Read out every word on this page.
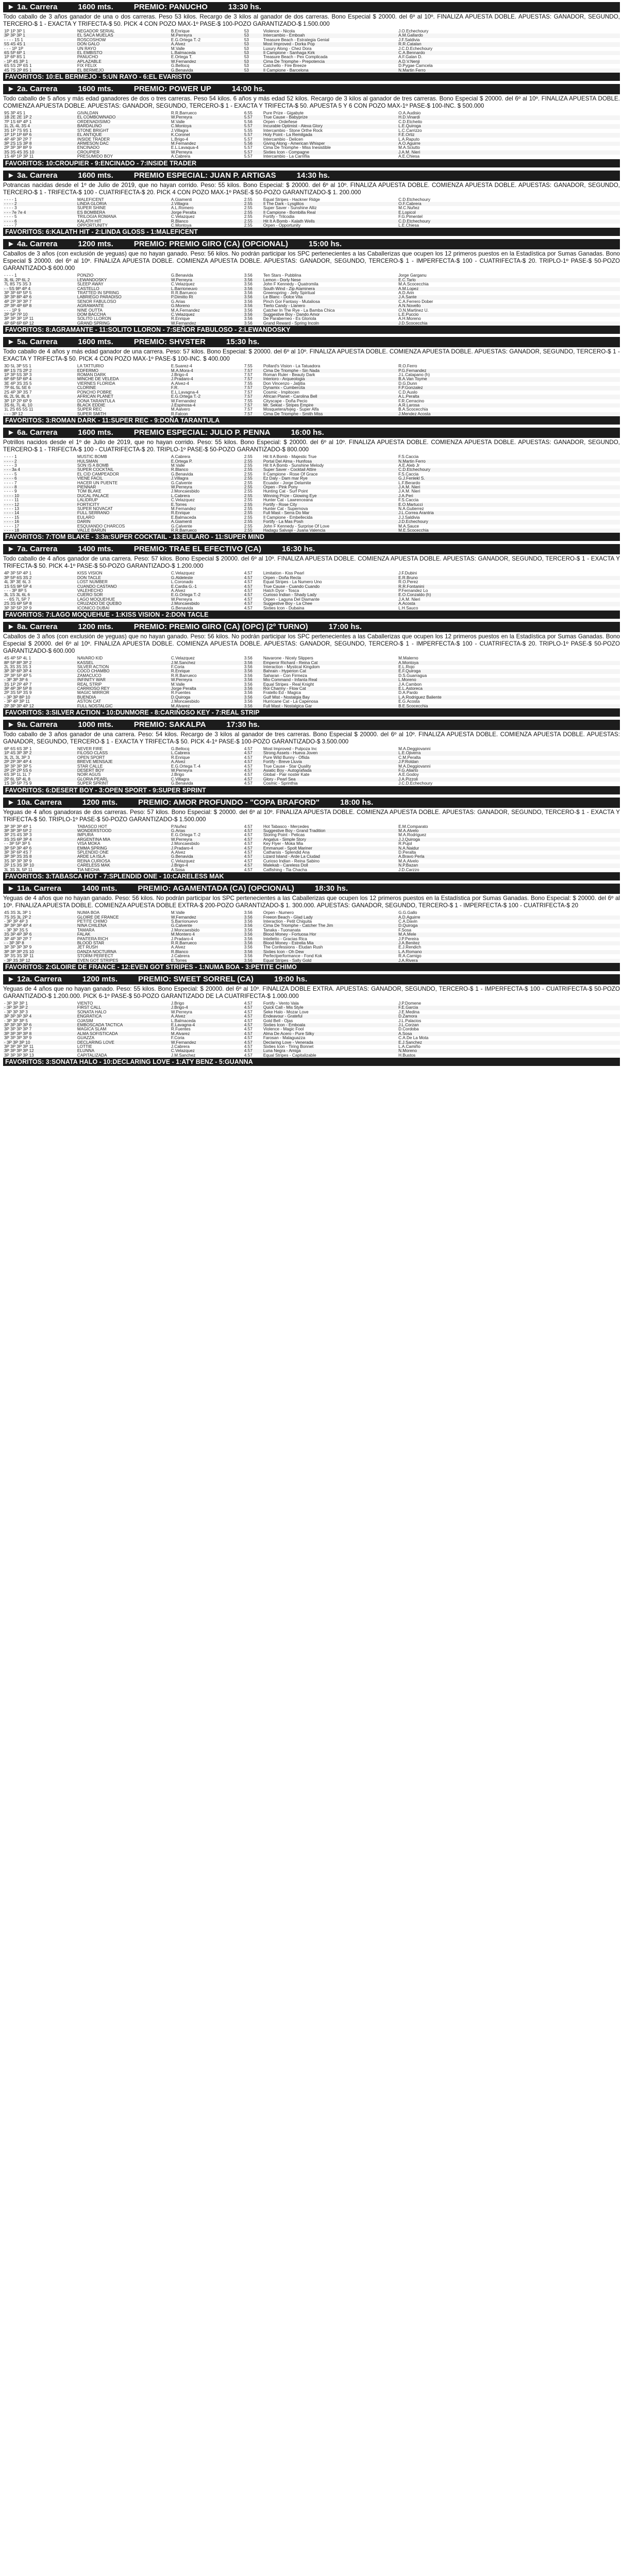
► 1a. Carrera	1600 mts.	PREMIO: PANUCHO	13:30 hs.
Todo caballo de 3 años ganador de una o dos carreras. Peso 53 kilos. Recargo de 3 kilos al ganador de dos carreras. Bono Especial $ 20000. del 6º al 10º. FINALIZA APUESTA DOBLE. APUESTAS: GANADOR, SEGUNDO, TERCERO-$ 1 - EXACTA Y TRIFECTA-$ 50. PICK 4 CON POZO MAX-1º PASE-$ 100-POZO GARANTIZADO-$ 1.500.000
1P 1P 3P 1	NEGADOR SERIAL	B.Enrique	53	Violence - Nicola	J.O.Echechoury
3P 3P 3P 1	EL SACA MUELAS	M.Perreyra	53	Intercambio - Emboah	A.M.Gallardo
- - - - 1S 1	ROSCOSHOW	E.G.Ortega T.-2	53	Treasure Beach - Estrategia Genial	J.F.Saldivia
5S 4S 4S 1	DON GALO	A.Alvez	53	Most Improved - Dorka Pop	R.R.Catalan
- - - 1P 1P	UN RAYO	M.Valle	53	Luxury Along - Chez Dora	J.C.D.Echechoury
6S 5P 6P 1	EL EMBISTO	L.Balmaceda	53	Il Campione - Sanhaga Kirk	C.A.Bennardo
1P 6P 8S 1	PANUCHO	E.Ortega T.	53	Treasure Beach - Pex Complicada	A.F.Galan D.
- 1P 4S 3P 1	APLAZABLE	W.Fernandez	53	Cima De Triomphe - Prepotencia	A.D.V.Nenji
6S 5S 2P 6S 1	FIX FELIX	G.Bellocq	53	Catchello - Fire Breeze	D.Pygae Carncela
4S 7S 2P 8S 1	EL BERMEJO	G.Benavida	53	Il Campione - Barcelona	N.Martin Ferro
FAVORITOS: 10:EL BERMEJO - 5:UN RAYO - 6:EL EVARISTO
► 2a. Carrera	1600 mts.	PREMIO: POWER UP	14:00 hs.
Todo caballo de 5 años y más edad ganadores de dos o tres carreras. Peso 54 kilos. 6 años y más edad 52 kilos. Recargo de 3 kilos al ganador de tres carreras. Bono Especial $ 20000. del 6º al 10º. FINALIZA APUESTA DOBLE. COMIENZA APUESTA DOBLE. APUESTAS: GANADOR, SEGUNDO, TERCERO-$ 1 - EXACTA Y TRIFECTA-$ 50. APUESTA 5 Y 6 CON POZO MAX-1º PASE-$ 100-INC. $ 500.000
9S 3P 4S 1	GIVALDAN	R.R.Barrueco	6.55	Pure Prize - Gigabyte	O.A.Audisio
1B 2E 2E 1P 2	EL COMBOWNADO	W.Perreyra	5.57	True Cause - Babyprize	H.D.Vinardi
7P 1S 6P 4P 1	ORDENADISIMO	M.Valle	5.56	Orpen - Ordeñese	C.D.Etcheito
1L 2L 4L 3S 4	BARDALINO	C.Montoya	5.57	Incurable Optimist - Alexa Glory	L.E.Quiroga
3S 1P 7S 9S 1	STONE BRIGHT	J.Villagra	5.55	Intercambio - Stone Orthe Rock	L.C.Carrizzo
1P 1P 1P 6P 6	EL ANTIQUE	K.Coronel	5.57	Holy Point - La Remilgada	F.E.Ortiz
4P 4P 3P 2P 7	INSIDE TRADER	L.Brigo-4	5.57	Intercambio - Delicen	L.A.Raputo
3P 2S 1S 3P 8	ARMESON DAC	M.Fernandez	5.56	Giving Along - American Whisper	A.O.Aguirre
2P 3P 3P 8P 9	ENCINADO	E.L.Lavaqua-4	5.57	Cima De Triomphe - Miss Inesistible	M.A.Sciutto
3S 3S 4S 3S 10	CROUPIER	W.Perreyra	5.57	Sixties Icon - Compagne	J.A.M. Nieri
1S 4P 1P 3P 11	PRESUMIDO BOY	A.Cabrera	5.57	Intercambio - La Carriñla	A.E.Chiesa
FAVORITOS: 10:CROUPIER - 9:ENCINADO - 7:INSIDE TRADER
► 3a. Carrera	1600 mts.	PREMIO ESPECIAL: JUAN P. ARTIGAS	14:30 hs.
Potrancas nacidas desde el 1º de Julio de 2019, que no hayan corrido. Peso: 55 kilos. Bono Especial: $ 20000. del 6º al 10º. FINALIZA APUESTA DOBLE. COMIENZA APUESTA DOBLE. APUESTAS: GANADOR, SEGUNDO, TERCERO-$ 1 - TRIFECTA-$ 100 - CUATRIFECTA-$ 20. PICK 4 CON POZO MAX-1º PASE-$ 50-POZO GARANTIZADO-$ 1. 200.000
- - - - 1	MALEFICENT	A.Giamenti	2.55	Equal Stripes - Hackner Ridge	C.D.Etchechoury
- - - - 2	LINDA GLORIA	J.Villagra	2.55	Il The Dark - Lysglitos	O.F.Cabrera
- - - - 3	SUPER SHINE	A.L.Romero	2.55	Super Saver - Sunshine Alliz	M.C.Nuñez
- - - 7e 7e 4	ES BOMBERA	Jorge Peralta	2.55	Il Campione - Bombilla Real	E.Lopicol
- - - - 5	TRILOGIA ROMANA	C.Velazquez	2.55	Fortify - Trilcodia	F.G.Pimentel
- - - - 6	KALATH HIT	R.Blanco	2.55	Hit It A Bomb - Kalath Wells	C.D.Etchechoury
- - - - 7	OPPORTUNITY	C.Montoya	2.55	Orpen - Opportunity	L.E.Chiesa
FAVORITOS: 6:KALATH HIT - 2:LINDA GLOSS - 1:MALEFICENT
► 4a. Carrera	1200 mts.	PREMIO: PREMIO GIRO (CA) (OPCIONAL)	15:00 hs.
Caballos de 3 años (con exclusión de yeguas) que no hayan ganado. Peso: 56 kilos. No podrán participar los SPC pertenecientes a las Caballerizas que ocupen los 12 primeros puestos en la Estadística por Sumas Ganadas. Bono Especial $ 20000. del 6º al 10º. FINALIZA APUESTA DOBLE. COMIENZA APUESTA DOBLE. APUESTAS: GANADOR, SEGUNDO, TERCERO-$ 1 - IMPERFECTA-$ 100 - CUATRIFECTA-$ 20. TRIPLO-1º PASE-$ 50-POZO GARANTIZADO-$ 600.000
- - - - 1	PONZIO	G.Benavida	3.56	Ten Stars - Pubblina	Jorge Garganu
3L 6L 2P 6L 2	LEWANDOSKY	W.Perreyra	3.56	Lemon - Dorly Nese	E.C.Tarlo
7L 8S 7S 3S 3	SLEEP AWAY	C.Velazquez	3.56	John F Kennedy - Quatromila	M.A.Scocecchia
- - 5S 9P 4P 4	CASTELLO	L.Barrioneuvo	3.56	South Wind - Zip Ataminera	A.M.Lopez
3P 3P 6P 5P 5	TRATTED IN SPRING	R.R.Barrueco	3.56	Greenspring - Jelly Spiritual	A.D.Arin
3P 3P 8P 4P 6	LABRIEGO PARADISO	P.Dimitto Rt	3.56	Le Blanc - Dolce Vita	J.A.Sante
4P 2P 3P 3P 7	SEÑOR FABULOSO	G.Arias	3.56	Pinch Gor Fantasy - Mutaliosa	C.A.Ferrero Dober
2P 3P 4P 6P 8	AGRAMANTE	G.Moreno	3.56	Tierto Candy - Llanero	A.N.Novello
- - - 1P 9	NINE OUTTA	M.A.Fernandez	3.56	Catcher In The Rye - La Bamba Chica	O.N.Martinez U.
2P 5P 7P 10	DOM BACCHA	C.Velazquez	3.56	Suggestive Boy - Dando Amor	L.E.Puccio
3P 3P 3P 1P 11	SOLITO LLORON	R.Enrique	3.56	De Paraberneo - Es Gloriola	A.H.Moreno
4P 6P 6P 6P 12	GRAND SPRING	W.Fernandez	3.56	Grand Reward - Spring Incoln	J.D.Scocecchia
FAVORITOS: 8:AGRAMANTE - 11:SOLITO LLORON - 7:SEÑOR FABULOSO - 2:LEWANDOSKY
► 5a. Carrera	1600 mts.	PREMIO: SHVSTER	15:30 hs.
Todo caballo de 4 años y más edad ganador de una carrera. Peso: 57 kilos. Bono Especial: $ 20000. del 6º al 10º. FINALIZA APUESTA DOBLE. COMIENZA APUESTA DOBLE. APUESTAS: GANADOR, SEGUNDO, TERCERO-$ 1 - EXACTA Y TRIFECTA-$ 50. PICK 4 CON POZO MAX-1º PASE-$ 100-INC. $ 400.000
3D 5L 3P 5S 1	LA TATTURIO	E.Suarez-4	7.55	Pollard's Vision - La Tatuadora	R.O.Ferro
8P 1S 7S 2P 2	EDFERMO	M.A.Mora-4	7.57	Cima De Triomphe - Sin Nada	P.G.Fernandez
1P 3P 5S 3P 3	ROMAN DARK	J.Brigo-4	7.57	Roman Ruler - Beauty Dark	J.L.Catapano (h)
6P 6P 5P 6P 4	MINCHE DE VELEDA	J.Pradaro-4	7.57	Interioro - Arqueologia	B.A.Van Toyme
3E 4P 3S 3S 5	VIERNES FLORIDA	A.Alvez-4	7.55	Don Vincenzo - Jatjitia	D.G.Dunn
7P 6L 5L 5E 6	CLORINE	F.R.	7.57	Dynamix - Cumbercita	F.P.Gonzalez
2S 4P 3P 3S 7	PONCHO POBRE	E.L.Lavagna-4	7.57	Cosmic - Impitocen	C.D.Auslo
6L 2L 9L 8L 8	AFRICAN PLANET	E.G.Ortega T.-2	7.57	African Planet - Carolina Bell	A.L.Peralta
3P 1P 2P 6P 9	DOÑA TARANTULA	W.Fernandez	7.55	Cityscape - Doña Pecio	F.R.Cerracino
3S 6L 7L 4L 10	BLACK EDDIE	J.Espinosa-4	7.57	Mr. Sekiat - Stripes Empire	A.R.Larosa
1L 2S 6S 5S 11	SUPER REC	M.Aalvero	7.57	Mosquetera/tvjeg - Super Alfa	B.A.Scocecchia
- - - 3P 12	SUPER SMITH	R.Falcon	7.57	Cima De Triomphe - Smith Miss	J.Mendez Acosta
FAVORITOS: 3:ROMAN DARK - 11:SUPER REC - 9:DOÑA TARANTULA
► 6a. Carrera	1600 mts.	PREMIO ESPECIAL: JULIO P. PENNA	16:00 hs.
Potrillos nacidos desde el 1º de Julio de 2019, que no hayan corrido. Peso: 55 kilos. Bono Especial: $ 20000. del 6º al 10º. FINALIZA APUESTA DOBLE. COMIENZA APUESTA DOBLE. APUESTAS: GANADOR, SEGUNDO, TERCERO-$ 1 - TRIFECTA-$ 100 - CUATRIFECTA-$ 20. TRIPLO-1º PASE-$ 50-POZO GARANTIZADO-$ 800.000
- - - - 1	MUSTIC BOMB	A.Cabrera	2.55	Hit It A Bomb - Majestic True	F.S.Caccia
- - - - 2	HULSMAN	E.Ortega P.	2.55	Portal Del Alma - Hunfosa	N.Martin Ferro
- - - - 3	SON IS A BOMB	M.Valle	2.55	Hit It A Bomb - Sunshine Melody	A.E.Aleb Jr
- - - 3a 4	SUPER COCKTAIL	R.Blanco	2.55	Super Saver - Cocktail Attire	C.D.Etchechoury
- - - - 5	EL CID CAMPEADOR	G.Benavida	2.55	Il Campione - Rose Of Grace	F.S.Caccia
- - - - 6	VIENE FACIL	J.Villagra	2.55	Ez Daly - Dam mar Rye	G.J.Fenlekl S.
- - - - 7	HACER UN PUENTE	G.Calvente	2.55	Ecuador - Jorge Delamite	L.F.Berardo
- - - - 8	PIENNAR	W.Perreyra	2.55	Orpen - Pink Pony	J.A.M. Nieri
- - - - 9	TOM BLAKE	J.Moncaesbido	2.55	Hunting Cat - Surf Point	J.A.M. Nieri
- - - - 10	DUCAL PALACE	L.Cabrera	2.55	Winning Prize - Glowing Eye	J.A.Peri
- - - - 11	LALIDRUP	C.Velazquez	2.55	Hunter Cat - Lawrenceana	F.S.Caccia
- - - - 12	FORTICITY	E.Torres	2.55	Fortify - Rose City	E.O.Martucci
- - - - 13	SUPER NOVACAT	M.Fernandez	2.55	Hunter Cat - Supernova	N.A.Gutierrez
- - - - 14	FULL SERRANO	R.Enrique	2.55	Full Mast - Serra Do Mar	J.L.Correa Arantria
- - - - 15	EULARO	E.Balmaceda	2.55	Il Campione - Embellecida	J.J.Saldivia
- - - - 16	DARIN	A.Giamenti	2.55	Fortify - La Mas Posh	J.D.Echechoury
- - - - 17	ESQUIANDO CHARCOS	G.Calvente	2.55	John F Kennedy - Surprise Of Love	M.A.Sauce
- - - - 18	VALLE BARUN	R.R.Barrueco	2.55	Hadagu Salvaje - Juana Valencia	M.E.Scocecchia
FAVORITOS: 7:TOM BLAKE - 3:3a:SUPER COCKTAIL - 13:EULARO - 11:SUPER MIND
► 7a. Carrera	1400 mts.	PREMIO: TRAE EL EFECTIVO (CA)	16:30 hs.
Todo caballo de 4 años ganador de una carrera. Peso: 57 kilos. Bono Especial $ 20000. del 6º al 10º. FINALIZA APUESTA DOBLE. COMIENZA APUESTA DOBLE. APUESTAS: GANADOR, SEGUNDO, TERCERO-$ 1 - EXACTA Y TRIFECTA-$ 50. PICK 4-1º PASE-$ 50-POZO GARANTIZADO-$ 1.200.000
4P 3P 5P 4P 1	KISS VISION	C.Velazquez	4.57	Limitation - Kiss Pearl	J.F.Dubini
3P 5P 6S 3S 2	DON TACLE	G.Aldeleste	4.57	Orpen - Doña Recta	E.R.Bruno
4L 3P 3E 6L 3	LOST NUMBER	L.Coronado	4.57	Equal Stripes - La Numero Uno	R.O.Perez
1S 5S 9P 5P 4	CUANDO CASTAÑO	E.Cardia G.-1	4.57	True Cause - Cuando Cuando	R.R.Fontanini
- - - 3P 8P 5	VALEHECHO	A.Alvez	4.57	Hatch Dyor - Tosca	P.Fernandez Lo
3L 1S 3L 6L 6	CUERO SOR	E.G.Ortega T.-2	4.57	Curioso Indian - Shady Lady	E.O.Conzaldo (h)
- - 6S 7L 5P 7	LAGO MOQUEHUE	W.Perreyra	4.57	Orpen - Laguna Del Diamante	J.A.M. Nieri
2S 3S 6P 5P 8	CRUZADO DE QUEBO	J.Moncaesbido	4.57	Suggestive Boy - La Chee	A.Acosta
3P 3P 5P 2P 9	ICONICO DUBAI	G.Benavida	4.57	Sixties Icon - Dubaina	L.H.Sauco
FAVORITOS: 7:LAGO MOQUEHUE - 1:KISS VISION - 2:DON TACLE
► 8a. Carrera	1200 mts.	PREMIO: PREMIO GIRO (CA) (OPC) (2º TURNO)	17:00 hs.
Caballos de 3 años (con exclusión de yeguas) que no hayan ganado. Peso: 56 kilos. No podrán participar los SPC pertenecientes a las Caballerizas que ocupen los 12 primeros puestos en la Estadística por Sumas Ganadas. Bono Especial $ 20000. del 6º al 10º. FINALIZA APUESTA DOBLE. COMIENZA APUESTA DOBLE. APUESTAS: GANADOR, SEGUNDO, TERCERO-$ 1 - IMPERFECTA-$ 100 - CUATRIFECTA-$ 20. TRIPLO-1º PASE-$ 50-POZO GARANTIZADO-$ 600.000
4S 4P 5P 4L 1	NAVARO KID	C.Velazquez	3.56	Navarone - Nicely Slippers	M.Malerno
8P 5P 8P 3P 2	KASSEL	J.M.Sanchez	3.56	Emperor Richard - Reina Cat	A.Montoya
2L 3S 3S 3S 3	SILVER ACTION	F.Coria	3.56	Interaction - Mystical Kingdom	E.L.Rojo
3P 3P 6P 3P 4	COCO CHAMBO	R.Enrique	3.56	Bahrain - Hyperion Cat	E.F.Quiroga
2P 3P 5P 4P 5	ZAMACUCO	R.R.Barrueco	3.56	Saharan - Con Firmeza	D.S.Guarragua
- 3P 3P 3P 6	INFINITY WAR	W.Perreyra	3.56	Mio Command - Infanta Real	L.Moreno
3S 1P 2P 4P 7	REAL STRIP	M.Valle	3.56	Equal Stripes - Real Knight	J.A.Cambon
3P 4P 3P 5P 8	CARRIOSO REY	Jorge Peralta	3.56	Roi Charmy - Flow Cat	E.L.Astoreca
2P 3S 5P 3S 9	MAGIC MIRROR	R.Fuentes	3.56	Fratello Ed - Magica	D.A.Pardo
- 3P 3P 8P 10	BUENDIA	D.Quiroga	3.56	Gulf Mist - Nostalgia Bay	L.A.Rodriguez Baliente
- 3P 4P 3P 11	ASTON CAT	J.Moncaesbido	3.56	Hurricane Cat - La Capenosa	E.G.Acosta
2P 3P 3P 4P 12	FULL NOSTALGIC	M.Alvarez	3.56	Full Mast - Nostalgica Gar	B.E.Scocecchia
FAVORITOS: 3:SILVER ACTION - 10:DUNMORE - 8:CARIÑOSO KEY - 7:REAL STRIP
► 9a. Carrera	1000 mts.	PREMIO: SAKALPA	17:30 hs.
Todo caballo de 3 años ganador de una carrera. Peso: 54 kilos. Recargo de 3 kilos al ganador de tres carreras. Bono Especial $ 20000. del 6º al 10º. FINALIZA APUESTA DOBLE. COMIENZA APUESTA DOBLE. APUESTAS: GANADOR, SEGUNDO, TERCERO-$ 1 - EXACTA Y TRIFECTA-$ 50. PICK 4-1º PASE-$ 100-POZO GARANTIZADO-$ 3.500.000
6P 6S 6S 3P 1	NEVER FIRE	G.Bellocq	4.57	Most Improved - Pulpoza Inc	M.A.Deggiovanni
1P 4S 3P 3P 2	FILOSO CLASS	L.Cabrera	4.57	Strong Assets - Hueva Joven	L.E.Ojiverra
3L 2L 3L 3P 3	OPEN SPORT	R.Enrique	4.57	Pure Wild Bunny - Oflida	C.M.Peralta
2P 2P 3P 4P 4	BREVE MENSAJE	A.Alvez	4.57	Fortify - Breve Lluvia	J.P.Roldan
3P 3P 3P 3P 5	STAR CALLE	E.G.Ortega T.-4	4.57	True Cause - Star Quality	M.A.Deggiovanni
2P 2P 2P 5S 6	DESERT BOY	W.Perreyra	4.57	Asiatic Boy - Autografiada	F.G.Aliarto
6S 3P 1L 1L 7	NOIR AGUS	J.Brigo	4.57	Global - Pair noster Kate	A.E.Godoy
2P 6L 5P 4L 8	GLORIA PEARL	C.Villagra	4.57	Glory - Pearl Sea	J.A.Pizzoli
1S 3P 5P 7S 9	SUPER SPRINT	G.Benavida	4.57	Cosmic - Sprinthia	J.C.D.Echechoury
FAVORITOS: 6:DESERT BOY - 3:OPEN SPORT - 9:SUPER SPRINT
► 10a. Carrera	1200 mts.	PREMIO: AMOR PROFUNDO - "COPA BRAFORD"	18:00 hs.
Yeguas de 4 años ganadoras de dos carreras. Peso: 57 kilos. Bono Especial: $ 20000. del 6º al 10º. FINALIZA APUESTA DOBLE. COMIENZA APUESTA DOBLE. APUESTAS: GANADOR, SEGUNDO, TERCERO-$ 1 - EXACTA Y TRIFECTA-$ 50. TRIPLO-1º PASE-$ 50-POZO GARANTIZADO-$ 1.500.000
3P 3P 3P 4P 1	TABASCO HOT	P.Nuñez	4.57	Hot Tabasco - Mercedes	E.M.Comparato
3P 3P 3P 5P 2	WONDERSTOOD	G.Arias	4.57	Suggestive Boy - Grand Tradition	M.A.Alvelo
3P 2S 4S 3P 3	IMPURA	E.G.Ortega T.-2	4.57	Storing Point - Pelicas	M.A.Rodriguez
3S 3S 6P 3P 4	ARGENTINA MIA	W.Perreyra	4.57	Angalus - Simple Story	J.J.Quiroga
- - 3P 5P 3P 5	VISA MOKA	J.Moncaesbido	4.57	Key Flyer - Moka Mia	R.Pujol
3P 5P 3P 4P 6	EMMA SPRING	J.Pradaro-4	4.57	Emmanuel - Spolt Mariner	N.A.Naidur
3P 3P 6P 4S 7	SPLENDID ONE	A.Alvez	4.57	Catharsis - Splendid Ana	D.Peralta
3P 3P 3S 3S 8	ARDE LA ISLA	G.Benavida	4.57	Lizard Island - Arde La Ciudad	A.Bravo Perla
3S 3P 3P 3P 9	REINA CURIOSA	C.Velazquez	4.57	Curioso Indian - Reina Sabino	M.A.Alvelo
2P 1S 3S 3P 10	CARELESS MAK	J.Brigo-4	4.57	Malekab - Careless Doll	N.P.Bazan
3L 3S 3L 5P 11	TIA NECHA	A.Sosa	4.57	Catfishing - Tia Chacha	J.D.Carzzo
FAVORITOS: 3:TABASCA HOT - 7:SPLENDID ONE - 10:CARELESS MAK
► 11a. Carrera	1400 mts.	PREMIO: AGAMENTADA (CA) (OPCIONAL)	18:30 hs.
Yeguas de 4 años que no hayan ganado. Peso: 56 kilos. No podrán participar los SPC pertenecientes a las Caballerizas que ocupen los 12 primeros puestos en la Estadística por Sumas Ganadas. Bono Especial: $ 20000. del 6º al 10º. FINALIZA APUESTA DOBLE. COMIENZA APUESTA DOBLE EXTRA-$ 200-POZO GARANTIZADO-$ 1. 300.000. APUESTAS: GANADOR, SEGUNDO, TERCERO-$ 1 - IMPERFECTA-$ 100 - CUATRIFECTA-$ 20
4S 3S 3L 3P 1	NUMA BOA	M.Valle	3.56	Orpen - Numero	G.G.Gallo
7S 3S 3L 2P 2	GLOIRE DE FRANCE	W.Fernandez	3.56	Freeon Beach - Glad Lady	A.D.Aguirre
- 3P 3P 4P 3	PETITE CHIMO	S.Barrionuevo	3.56	Interaction - Petit Chiquita	C.A.Davin
3P 3P 3P 4P 4	NIÑA CHILENA	G.Calvente	3.56	Cima De Triomphe - Catcher The Jim	D.Quiroga
- 3P 3P 3S 5	TAMARA	J.Moncaesbido	3.56	Tanaka - Tuonanata	F.Sosa
3S 3P 4P 3P 6	FALAK	M.Montero 4	3.56	Blood Money - Fortuosa Hor	M.A.Mele
3P 4P 3P 2P 7	PANTERA RICH	J.Pradaro-4	3.56	Intelletto - Gracias Rica	J.P.Pereira
- - 3P 3P 8	BLOOD STAR	R.R.Barrueco	3.56	Blood Money - Estrelia Mia	J.A.Benitez
3P 3P 3P 3P 9	JET RUSH	A.Alvez	3.56	The Confessions - Eludan Rush	E.J.Rendich
3P 3P 3P 2S 10	DANZA NOCTURNA	R.Blanco	3.56	Sixties Icon - Oh Dew	L.A.Romano
3P 3S 3S 3P 11	STORM PERFECT	J.Cabrera	3.56	Perfectperformance - Fond Kok	R.A.Carnigo
- 3P 3S 3P 12	EVEN GOT STRIPES	E.Torres	3.56	Equal Stripes - Sally Gold	J.A.Rivera
FAVORITOS: 2:GLOIRE DE FRANCE - 12:EVEN GOT STRIPES - 1:NUMA BOA - 3:PETITE CHIMO
► 12a. Carrera	1200 mts.	PREMIO: SWEET SORREL (CA)	19:00 hs.
Yeguas de 4 años que no hayan ganado. Peso: 55 kilos. Bono Especial: $ 20000. del 6º al 10º. FINALIZA DOBLE EXTRA. APUESTAS: GANADOR, SEGUNDO, TERCERO-$ 1 - IMPERFECTA-$ 100 - CUATRIFECTA-$ 50-POZO GARANTIZADO-$ 1.200.000. PICK 6-1º PASE-$ 50-POZO GARANTIZADO DE LA CUATRIFECTA-$ 1.000.000
- 3P 3P 3P 1	VIENTO	J.Brigo	4.57	Fortify - Vento Vala	J.P.Domene
- 3P 3P 3P 2	FIRST CALL	J.Brigo-4	4.57	Quick Call - Mis Style	F.E.Garcia
- 3P 3P 3P 3	SONATA HALO	W.Perreyra	4.57	Seke Halo - Mozar Love	J.E.Medina
3P 3P 3P 3P 4	ENGRATICA	A.Alvez	4.57	Endeavour - Grateful	D.Zamora
- 3P 3P 3P 5	OJASIM	L.Balmaceda	4.57	Gold Bell - Ojas	J.L.Palacios
3P 3P 3P 3P 6	EMBOSCADA TACTICA	E.Lavagna-4	4.57	Sixties Icon - Emboala	J.L.Corzan
3P 3P 3P 3P 7	MAGICA SLAM	R.Fuentes	4.57	Violence - Magic Fool	D.Cordoba
3P 3P 3P 3P 8	ALMA SOFISTICADA	M.Alvarez	4.57	Alma De Acero - Pure Silky	A.Sosa
3P 3P 3P 3P 9	GUAZZA	F.Coria	4.57	Farosan - Malaguazza	C.A.De La Mota
- 3P 3P 3P 10	DECLARING LOVE	W.Fernandez	4.57	Declaring Love - Venerada	E.J.Sanchez
3P 3P 3P 3P 11	LOTTIE	J.Cabrera	4.57	Sixties Icon - Tiring Bonnet	L.A.Camiño
3P 3P 3P 3P 12	ELUNNA	C.Velazquez	4.57	Luna Negra - Amiga	N.Moreno
3P 3P 3P 3P 13	CAPITALIZADA	J.M.Sanchez	4.57	Equal Stripes - Capitalizable	H.Bustos
FAVORITOS: 3:SONATA HALO - 10:DECLARING LOVE - 1:ATY BENZ - 5:GUANNA
